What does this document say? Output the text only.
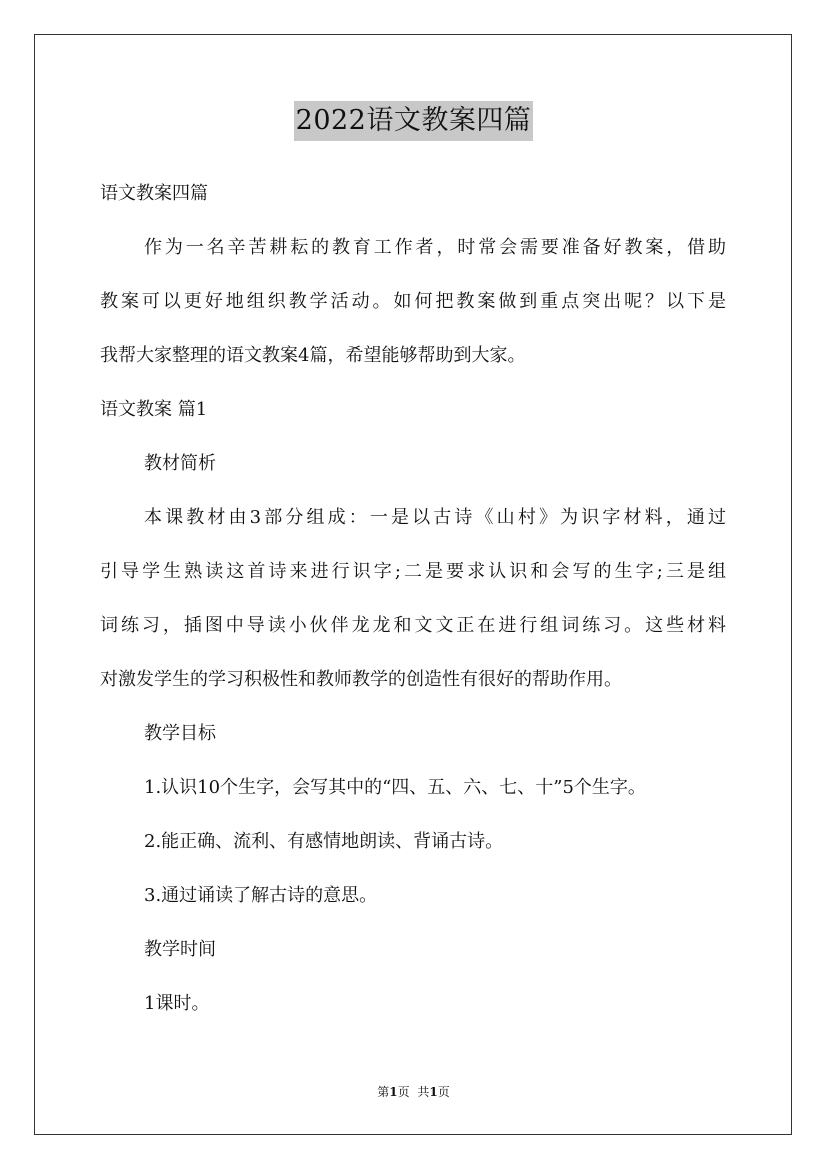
2022语文教案四篇
语文教案四篇
作为一名辛苦耕耘的教育工作者，时常会需要准备好教案，借助
教案可以更好地组织教学活动。如何把教案做到重点突出呢？以下是
我帮大家整理的语文教案4篇，希望能够帮助到大家。
语文教案 篇1
教材简析
本课教材由3部分组成：一是以古诗《山村》为识字材料，通过
引导学生熟读这首诗来进行识字;二是要求认识和会写的生字;三是组
词练习，插图中导读小伙伴龙龙和文文正在进行组词练习。这些材料
对激发学生的学习积极性和教师教学的创造性有很好的帮助作用。
教学目标
1.认识10个生字，会写其中的“四、五、六、七、十”5个生字。
2.能正确、流利、有感情地朗读、背诵古诗。
3.通过诵读了解古诗的意思。
教学时间
1课时。
第1页 共1页
